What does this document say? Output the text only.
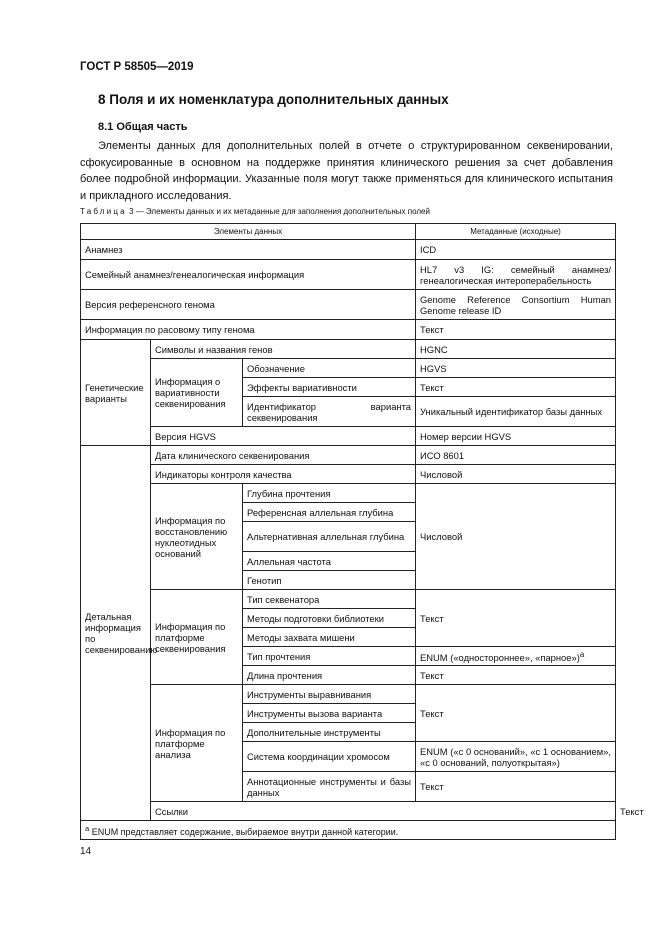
ГОСТ Р 58505—2019

8 Поля и их номенклатура дополнительных данных
8.1 Общая часть

Элементы данных для дополнительных полей в отчете о структурированном секвенировании, сфокусированные в основном на поддержке принятия клинического решения за счет добавления более подробной информации. Указанные поля могут также применяться для клинического испытания и прикладного исследования.

Таблица 3 — Элементы данных и их метаданные для заполнения дополнительных полей

Элементы данных			Метаданные (исходные)	
Анамнез			ICD	
Семейный анамнез/генеалогическая информация			HL7 v3 IG: семейный анамнез/генеалогическая интероперабельность	
Версия референсного генома			Genome Reference Consortium Human Genome release ID	
Информация по расовому типу генома			Текст	
Генетические варианты	Символы и названия генов		HGNC	
	Информация о вариативности секвенирования	Обозначение	HGVS	
		Эффекты вариативности	Текст	
		Идентификатор варианта секвенирования	Уникальный идентификатор базы данных	
	Версия HGVS		Номер версии HGVS	
Детальная информация по секвенированию	Дата клинического секвенирования		ИСО 8601	
	Индикаторы контроля качества		Числовой	
	Информация по восстановлению нуклеотидных оснований	Глубина прочтения	Числовой	
		Референсная аллельная глубина		
		Альтернативная аллельная глубина		
		Аллельная частота		
		Генотип		
	Информация по платформе секвенирования	Тип секвенатора	Текст	
		Методы подготовки библиотеки		
		Методы захвата мишени		
		Тип прочтения	ENUM («одностороннее», «парное»)$^a$
		Длина прочтения	Текст	
	Информация по платформе анализа	Инструменты выравнивания	Текст	
		Инструменты вызова варианта		
		Дополнительные инструменты		
		Система координации хромосом	ENUM («с 0 оснований», «с 1 основанием», «с 0 оснований, полуоткрытая»)	
		Аннотационные инструменты и базы данных	Текст	
	Ссылки			Текст
$^a$ ENUM представляет содержание, выбираемое внутри данной категории.				

14
